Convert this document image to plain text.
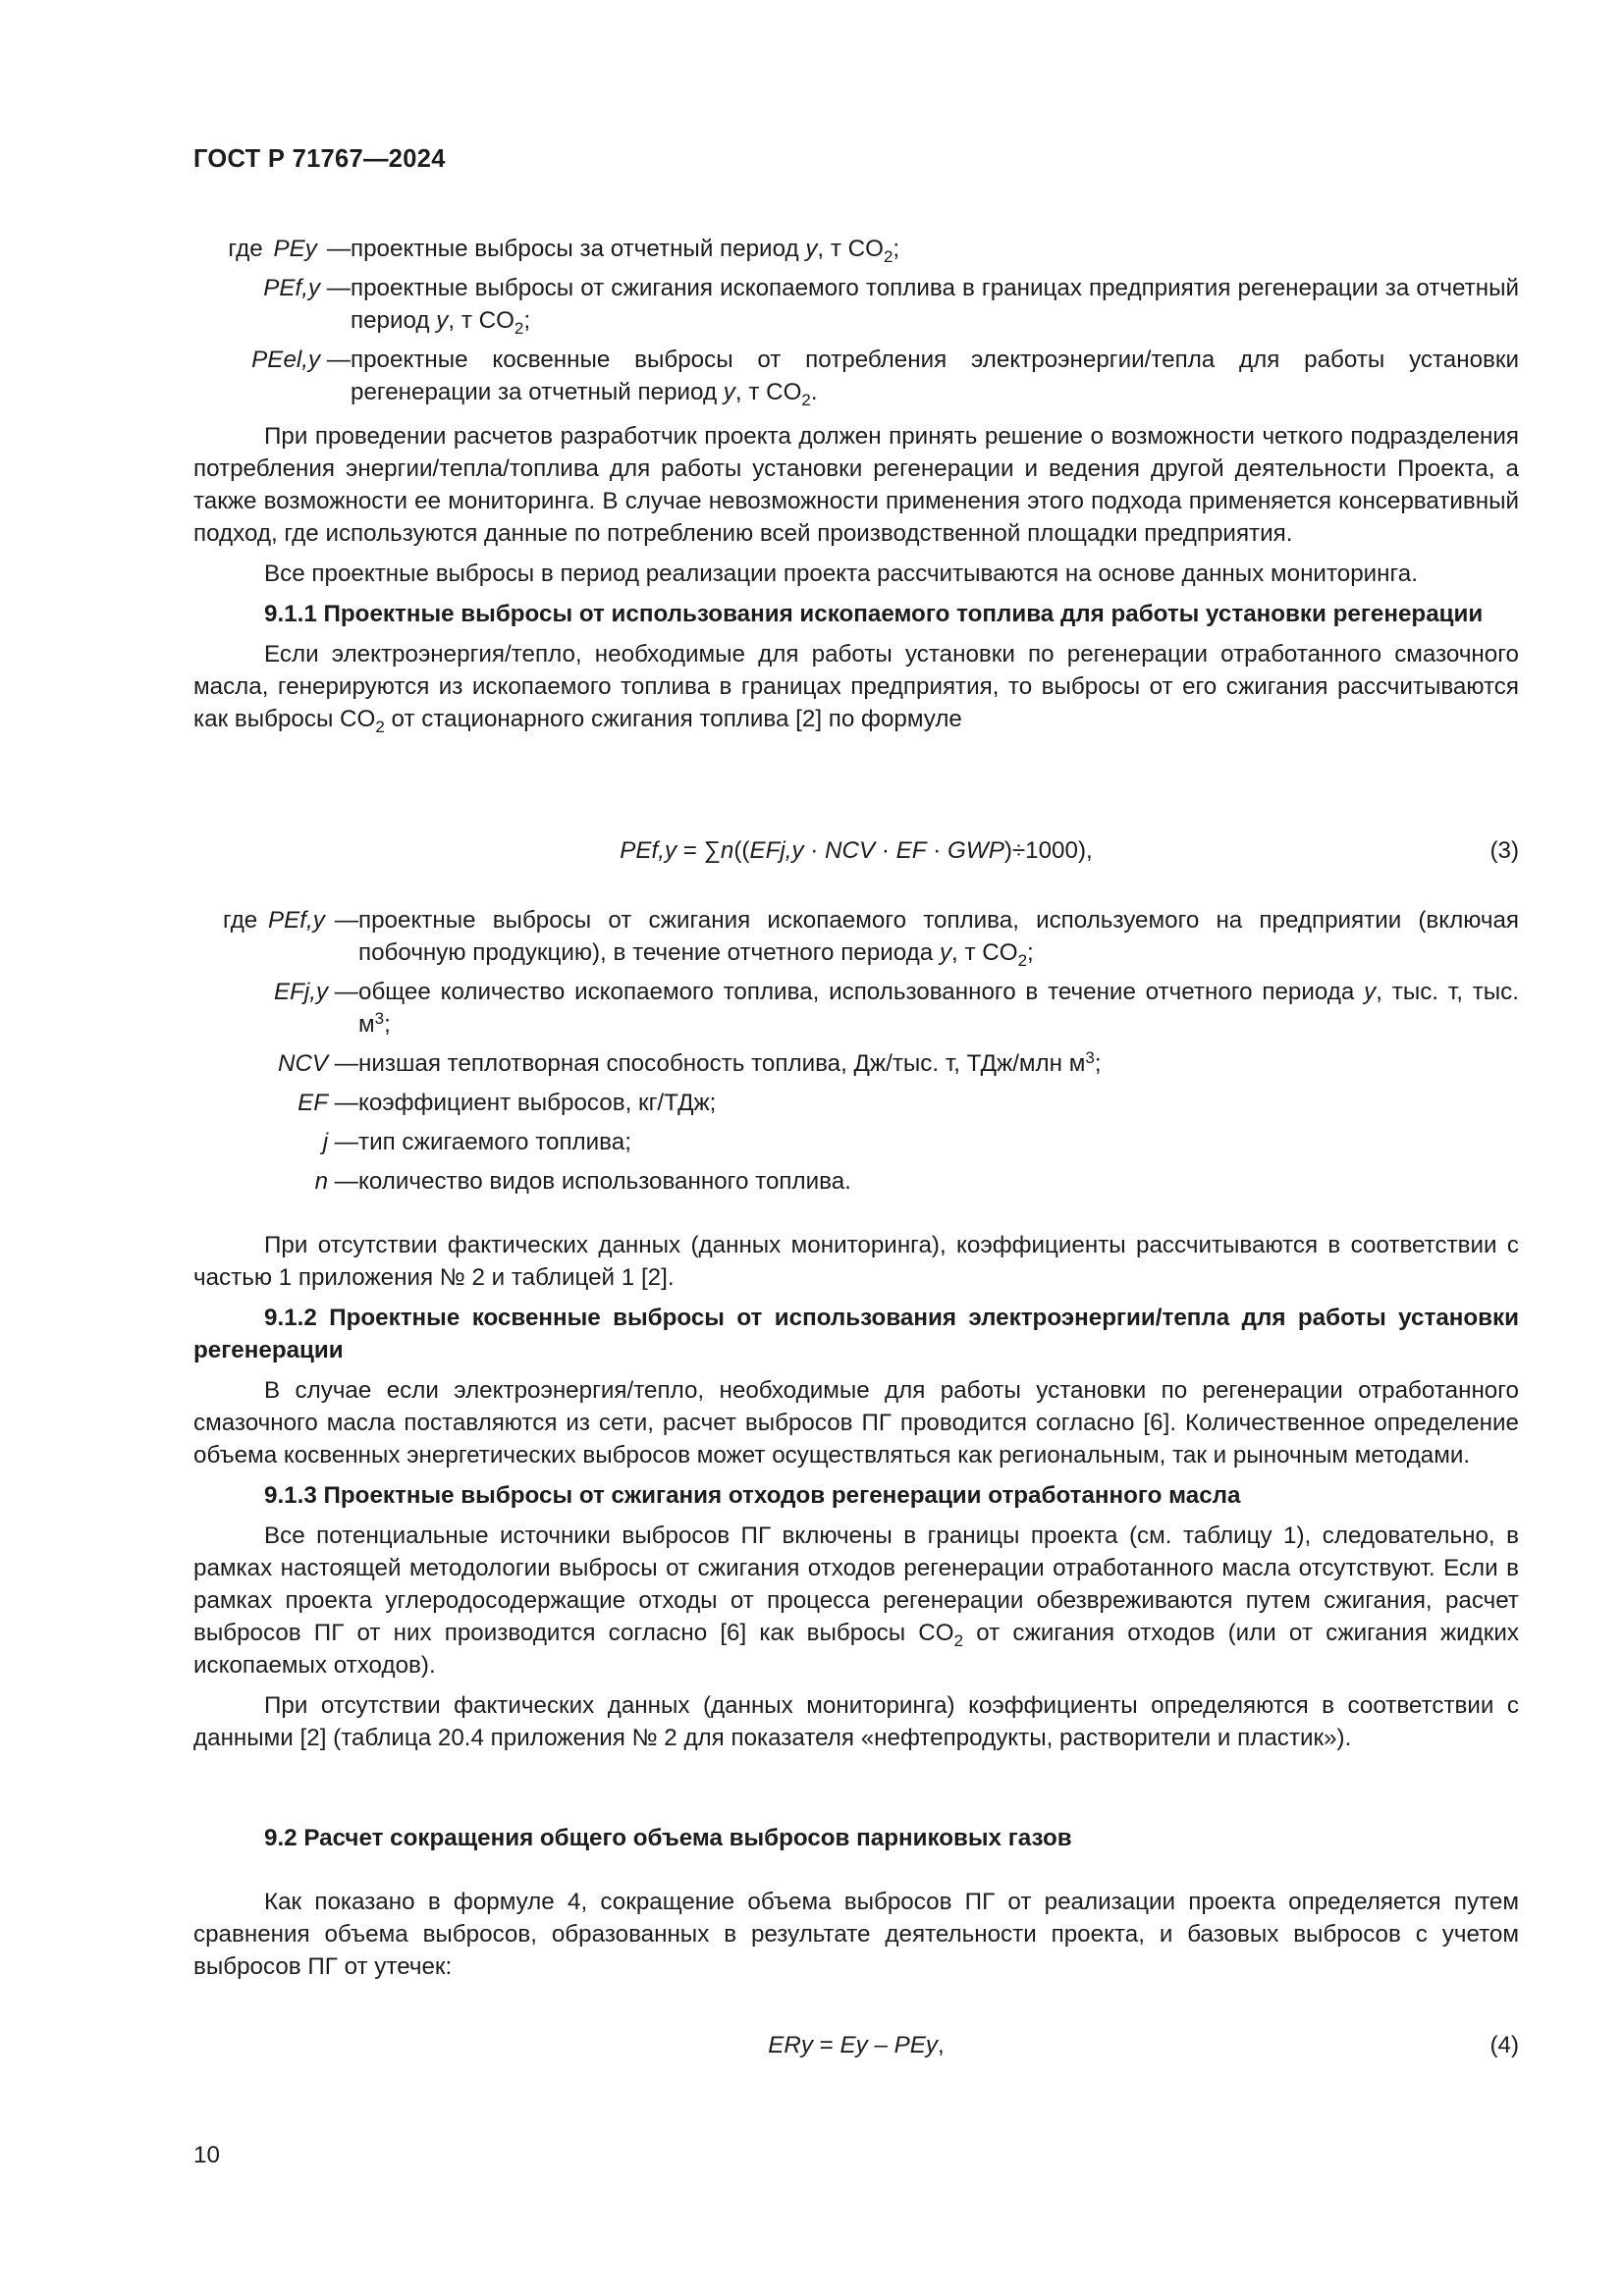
ГОСТ Р 71767—2024
где PEy — проектные выбросы за отчетный период y, т $CO_2$;
PEf,y — проектные выбросы от сжигания ископаемого топлива в границах предприятия регенерации за отчетный период y, т $CO_2$;
PEel,y — проектные косвенные выбросы от потребления электроэнергии/тепла для работы установки регенерации за отчетный период y, т $CO_2$.

При проведении расчетов разработчик проекта должен принять решение о возможности четкого подразделения потребления энергии/тепла/топлива для работы установки регенерации и ведения другой деятельности Проекта, а также возможности ее мониторинга. В случае невозможности применения этого подхода применяется консервативный подход, где используются данные по потреблению всей производственной площадки предприятия.

Все проектные выбросы в период реализации проекта рассчитываются на основе данных мониторинга.

9.1.1 Проектные выбросы от использования ископаемого топлива для работы установки регенерации

Если электроэнергия/тепло, необходимые для работы установки по регенерации отработанного смазочного масла, генерируются из ископаемого топлива в границах предприятия, то выбросы от его сжигания рассчитываются как выбросы $CO_2$ от стационарного сжигания топлива [2] по формуле

PEf,y = ∑n((EFj,y · NCV · EF · GWP)÷1000),	(3)
где PEf,y — проектные выбросы от сжигания ископаемого топлива, используемого на предприятии (включая побочную продукцию), в течение отчетного периода y, т $CO_2$;
EFj,y — общее количество ископаемого топлива, использованного в течение отчетного периода y, тыс. т, тыс. $м^3$;
NCV — низшая теплотворная способность топлива, Дж/тыс. т, ТДж/млн $м^3$;
EF — коэффициент выбросов, кг/ТДж;
j — тип сжигаемого топлива;
n — количество видов использованного топлива.

При отсутствии фактических данных (данных мониторинга), коэффициенты рассчитываются в соответствии с частью 1 приложения № 2 и таблицей 1 [2].

9.1.2 Проектные косвенные выбросы от использования электроэнергии/тепла для работы установки регенерации

В случае если электроэнергия/тепло, необходимые для работы установки по регенерации отработанного смазочного масла поставляются из сети, расчет выбросов ПГ проводится согласно [6]. Количественное определение объема косвенных энергетических выбросов может осуществляться как региональным, так и рыночным методами.

9.1.3 Проектные выбросы от сжигания отходов регенерации отработанного масла

Все потенциальные источники выбросов ПГ включены в границы проекта (см. таблицу 1), следовательно, в рамках настоящей методологии выбросы от сжигания отходов регенерации отработанного масла отсутствуют. Если в рамках проекта углеродосодержащие отходы от процесса регенерации обезвреживаются путем сжигания, расчет выбросов ПГ от них производится согласно [6] как выбросы $CO_2$ от сжигания отходов (или от сжигания жидких ископаемых отходов).

При отсутствии фактических данных (данных мониторинга) коэффициенты определяются в соответствии с данными [2] (таблица 20.4 приложения № 2 для показателя «нефтепродукты, растворители и пластик»).

9.2 Расчет сокращения общего объема выбросов парниковых газов

Как показано в формуле 4, сокращение объема выбросов ПГ от реализации проекта определяется путем сравнения объема выбросов, образованных в результате деятельности проекта, и базовых выбросов с учетом выбросов ПГ от утечек:

ERy = Ey – PEy,	(4)
10
